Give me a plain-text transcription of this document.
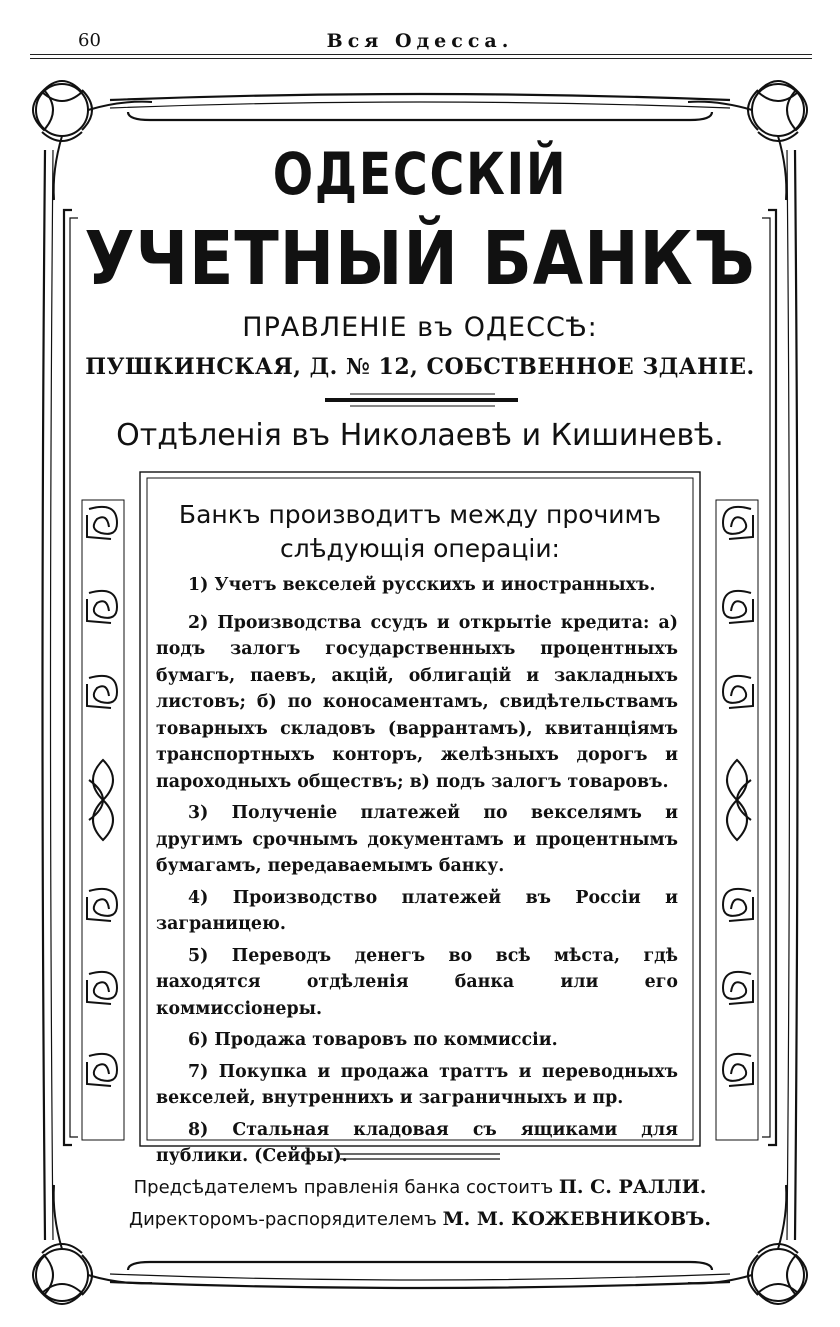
60	Вся Одесса.
ОДЕССКІЙ
УЧЕТНЫЙ БАНКЪ
ПРАВЛЕНІЕ въ ОДЕССѢ:
ПУШКИНСКАЯ, Д. № 12, СОБСТВЕННОЕ ЗДАНІЕ.
Отдѣленія въ Николаевѣ и Кишиневѣ.
Банкъ производитъ между прочимъ
слѣдующія операціи:

1) Учетъ векселей русскихъ и иностранныхъ.

2) Производства ссудъ и открытіе кредита: а) подъ залогъ государственныхъ процентныхъ бумагъ, паевъ, акцій, облигацій и закладныхъ листовъ; б) по коносаментамъ, свидѣтельствамъ товарныхъ складовъ (варрантамъ), квитанціямъ транспортныхъ конторъ, желѣзныхъ дорогъ и пароходныхъ обществъ; в) подъ залогъ товаровъ.

3) Полученіе платежей по векселямъ и другимъ срочнымъ документамъ и процентнымъ бумагамъ, передаваемымъ банку.

4) Производство платежей въ Россіи и заграницею.

5) Переводъ денегъ во всѣ мѣста, гдѣ находятся отдѣленія банка или его коммиссіонеры.

6) Продажа товаровъ по коммиссіи.

7) Покупка и продажа траттъ и переводныхъ векселей, внутреннихъ и заграничныхъ и пр.

8) Стальная кладовая съ ящиками для публики. (Сейфы).

Предсѣдателемъ правленія банка состоитъ П. С. РАЛЛИ.
Директоромъ-распорядителемъ М. М. КОЖЕВНИКОВЪ.
